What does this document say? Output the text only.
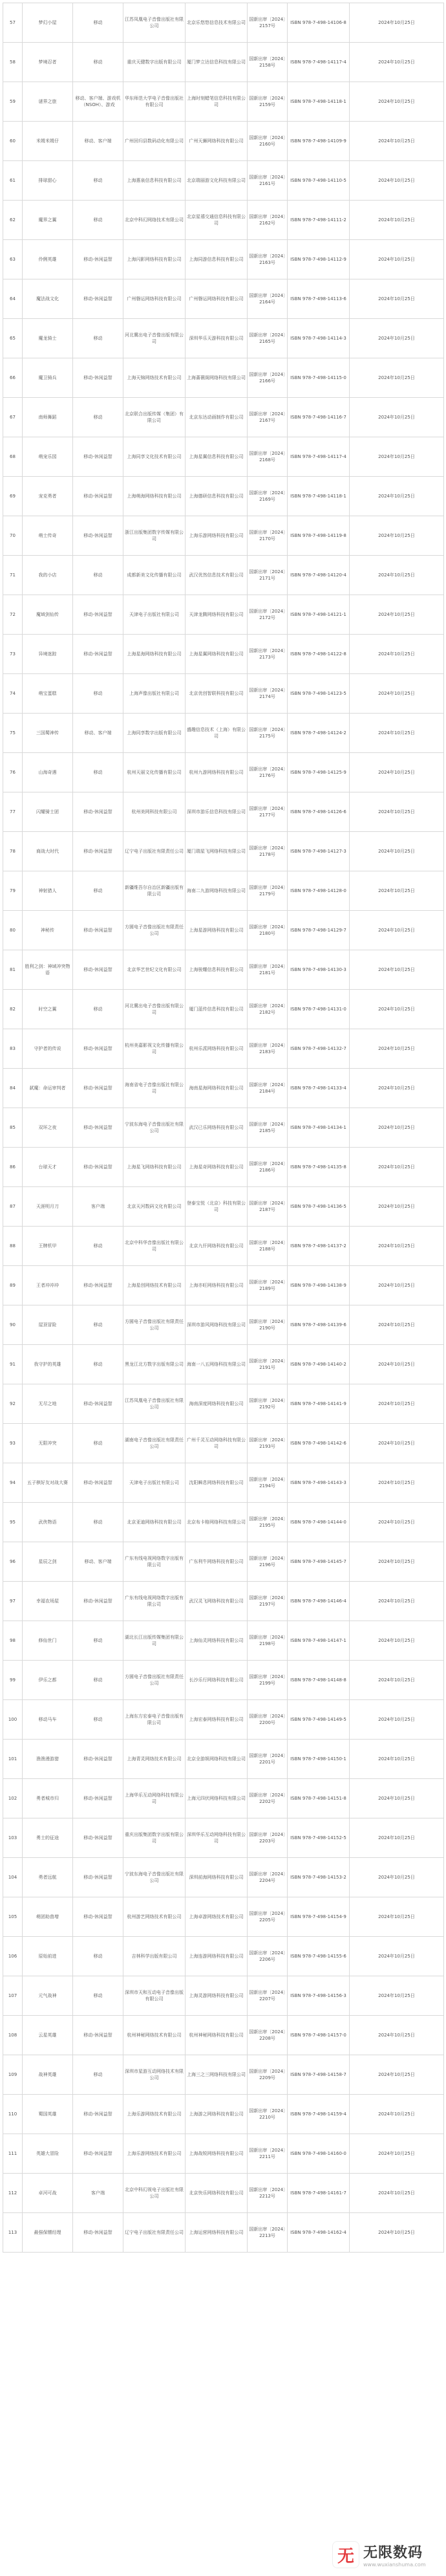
57	梦幻小屋	移动	江苏凤凰电子音像出版社有限公司	北京乐悠悠信息技术有限公司	国新出审〔2024〕2157号	ISBN 978-7-498-14106-8	2024年10月25日
58	梦境忍者	移动	重庆天健数字出版有限公司	厦门梦立达信息科技有限公司	国新出审〔2024〕2158号	ISBN 978-7-498-14117-4	2024年10月25日
59	谜界之旅	移动、客户端、游戏机（NSOH）、游戏	华东师范大学电子音像出版社有限公司	上海时刻蜡笔信息科技有限公司	国新出审〔2024〕2159号	ISBN 978-7-498-14118-1	2024年10月25日
60	米姆米姆仔	移动、客户端	广州回归县数码动化有限公司	广州天狮网络科技有限公司	国新出审〔2024〕2160号	ISBN 978-7-498-14109-9	2024年10月25日
61	排球甜心	移动	上海惠泉信息科技有限公司	北京瑞丽游文化科技有限公司	国新出审〔2024〕2161号	ISBN 978-7-498-14110-5	2024年10月25日
62	魔界之翼	移动	北京中科幻网络技术有限公司	北京星禧交通信息科技有限公司	国新出审〔2024〕2162号	ISBN 978-7-498-14111-2	2024年10月25日
63	伶俐英雄	移动-休闲益智	上海闪影网络科技有限公司	上海同游信息科技有限公司	国新出审〔2024〕2163号	ISBN 978-7-498-14112-9	2024年10月25日
64	魔法战文化	移动-休闲益智	广州磐运网络科技有限公司	广州磐运网络科技有限公司	国新出审〔2024〕2164号	ISBN 978-7-498-14113-6	2024年10月25日
65	魔龙骑士	移动	河北冀出电子音像出版有限公司	深圳华乐天游科技有限公司	国新出审〔2024〕2165号	ISBN 978-7-498-14114-3	2024年10月25日
66	魔卫骑兵	移动-休闲益智	上海天锦网络技术有限公司	上海蔷薇阁网络科技有限公司	国新出审〔2024〕2166号	ISBN 978-7-498-14115-0	2024年10月25日
67	南师舞蹈	移动	北京联合出版传媒（集团）有限公司	北京东达动画制作有限公司	国新出审〔2024〕2167号	ISBN 978-7-498-14116-7	2024年10月25日
68	萌宠乐园	移动-休闲益智	上海同享文化技术有限公司	上海星翼信息科技有限公司	国新出审〔2024〕2168号	ISBN 978-7-498-14117-4	2024年10月25日
69	宠克勇者	移动-休闲益智	上海萌海网络科技有限公司	上海德研信息科技有限公司	国新出审〔2024〕2169号	ISBN 978-7-498-14118-1	2024年10月25日
70	萌士传奇	移动-休闲益智	浙江出版集团数字传媒有限公司	上海乐游网络科技有限公司	国新出审〔2024〕2170号	ISBN 978-7-498-14119-8	2024年10月25日
71	我的小店	移动	成都新美文化传播有限公司	武汉优然信息技术有限公司	国新出审〔2024〕2171号	ISBN 978-7-498-14120-4	2024年10月25日
72	魔域剑仙传	移动-休闲益智	天津电子出版社有限公司	天津龙腾网络科技有限公司	国新出审〔2024〕2172号	ISBN 978-7-498-14121-1	2024年10月25日
73	异境迷踪	移动-休闲益智	上海星海网络科技有限公司	上海星翼网络科技有限公司	国新出审〔2024〕2173号	ISBN 978-7-498-14122-8	2024年10月25日
74	萌宝蛋糕	移动	上海声像出版社有限公司	北京优创智联科技有限公司	国新出审〔2024〕2174号	ISBN 978-7-498-14123-5	2024年10月25日
75	三国蜀神传	移动、客户端	上海同享数字出版有限公司	盛趣信息技术（上海）有限公司	国新出审〔2024〕2175号	ISBN 978-7-498-14124-2	2024年10月25日
76	山海奇遇	移动	杭州天丽文化传播有限公司	杭州九游网络科技有限公司	国新出审〔2024〕2176号	ISBN 978-7-498-14125-9	2024年10月25日
77	闪耀骑士团	移动-休闲益智	杭州美网科技有限公司	深圳市游乐信息科技有限公司	国新出审〔2024〕2177号	ISBN 978-7-498-14126-6	2024年10月25日
78	商战大时代	移动-休闲益智	辽宁电子出版社有限责任公司	厦门瑞星飞网络科技有限公司	国新出审〔2024〕2178号	ISBN 978-7-498-14127-3	2024年10月25日
79	神射猎人	移动	新疆维吾尔自治区新疆出版有限公司	海南二九游网络科技有限公司	国新出审〔2024〕2179号	ISBN 978-7-498-14128-0	2024年10月25日
80	神秘传	移动-休闲益智	方圆电子音像出版社有限责任公司	上海星游网络科技有限公司	国新出审〔2024〕2180号	ISBN 978-7-498-14129-7	2024年10月25日
81	胜利之剑：神域冲突物语	移动-休闲益智	北京华艺世纪文化有限公司	上海骏耀信息科技有限公司	国新出审〔2024〕2181号	ISBN 978-7-498-14130-3	2024年10月25日
82	时空之翼	移动	河北冀出电子音像出版有限公司	厦门蓝传信息科技有限公司	国新出审〔2024〕2182号	ISBN 978-7-498-14131-0	2024年10月25日
83	守护者的传说	移动-休闲益智	杭州美嘉影视文化传播有限公司	杭州乐派网络科技有限公司	国新出审〔2024〕2183号	ISBN 978-7-498-14132-7	2024年10月25日
84	弑魔：命运审判者	移动-休闲益智	海南省电子音像出版社有限公司	海南星海网络科技有限公司	国新出审〔2024〕2184号	ISBN 978-7-498-14133-4	2024年10月25日
85	双环之夜	移动-休闲益智	宁波东海电子音像出版社有限公司	武汉已乐网络科技有限公司	国新出审〔2024〕2185号	ISBN 978-7-498-14134-1	2024年10月25日
86	台球天才	移动-休闲益智	上海星飞网络科技有限公司	上海星奇网络科技有限公司	国新出审〔2024〕2186号	ISBN 978-7-498-14135-8	2024年10月25日
87	天涯明月刀	客户端	北京天河数码文化有限公司	登泰宝悦（北京）科技有限公司	国新出审〔2024〕2187号	ISBN 978-7-498-14136-5	2024年10月25日
88	王牌机甲	移动	北京中科华音像出版社有限公司	北京九仟网络科技有限公司	国新出审〔2024〕2188号	ISBN 978-7-498-14137-2	2024年10月25日
89	王者冲冲冲	移动-休闲益智	上海星创网络技术有限公司	上海亦旺网络科技有限公司	国新出审〔2024〕2189号	ISBN 978-7-498-14138-9	2024年10月25日
90	屋顶冒险	移动	方圆电子音像出版社有限责任公司	深圳市游风网络科技有限公司	国新出审〔2024〕2190号	ISBN 978-7-498-14139-6	2024年10月25日
91	我守护的英雄	移动	黑龙江北方数字出版有限公司	海南一八五网络科技有限公司	国新出审〔2024〕2191号	ISBN 978-7-498-14140-2	2024年10月25日
92	无尽之地	移动-休闲益智	江苏凤凰电子音像出版社有限公司	海南深度网络科技有限公司	国新出审〔2024〕2192号	ISBN 978-7-498-14141-9	2024年10月25日
93	无限冲突	移动	湖南电子音像出版社有限责任公司	广州千灵互动网络科技有限公司	国新出审〔2024〕2193号	ISBN 978-7-498-14142-6	2024年10月25日
94	五子棋好友对战大赛	移动-休闲益智	天津电子出版社有限公司	沈阳瞬息网络科技有限公司	国新出审〔2024〕2194号	ISBN 978-7-498-14143-3	2024年10月25日
95	武侠物语	移动	北京亚迪网络科技有限公司	北京布卡格网络科技有限公司	国新出审〔2024〕2195号	ISBN 978-7-498-14144-0	2024年10月25日
96	星辰之剑	移动、客户端	广东有线电视网络数字出版有限公司	广东利牛网络科技有限公司	国新出审〔2024〕2196号	ISBN 978-7-498-14145-7	2024年10月25日
97	幸福农场屋	移动-休闲益智	广东有线电视网络数字出版有限公司	武汉灵飞网络科技有限公司	国新出审〔2024〕2197号	ISBN 978-7-498-14146-4	2024年10月25日
98	修仙世门	移动	湖北长江出版传媒集团有限公司	上海仙灵网络科技有限公司	国新出审〔2024〕2198号	ISBN 978-7-498-14147-1	2024年10月25日
99	伊乐之都	移动	方圆电子音像出版社有限责任公司	长沙乐行网络科技有限公司	国新出审〔2024〕2199号	ISBN 978-7-498-14148-8	2024年10月25日
100	移动马车	移动	上海东方宏泰电子音像出版有限公司	上海宏泰网络科技有限公司	国新出审〔2024〕2200号	ISBN 978-7-498-14149-5	2024年10月25日
101	渔渔漫游猎	移动-休闲益智	上海青灵网络技术有限公司	北京全游娱网络科技有限公司	国新出审〔2024〕2201号	ISBN 978-7-498-14150-1	2024年10月25日
102	勇者城市归	移动-休闲益智	上海华乐互动网络科技有限公司	上海元四伏网络科技有限公司	国新出审〔2024〕2202号	ISBN 978-7-498-14151-8	2024年10月25日
103	勇士的征途	移动-休闲益智	重庆出版集团数字出版有限公司	深圳华乐互动网络科技有限公司	国新出审〔2024〕2203号	ISBN 978-7-498-14152-5	2024年10月25日
104	勇者远航	移动-休闲益智	宁波东海电子音像出版社有限公司	深圳前海网络科技有限公司	国新出审〔2024〕2204号	ISBN 978-7-498-14153-2	2024年10月25日
105	萌团助兽增	移动-休闲益智	杭州游艺网络技术有限公司	上海卓游网络技术有限公司	国新出审〔2024〕2205号	ISBN 978-7-498-14154-9	2024年10月25日
106	原始前进	移动	吉林科学出版有限公司	上海连游网络科技有限公司	国新出审〔2024〕2206号	ISBN 978-7-498-14155-6	2024年10月25日
107	元气战神	移动	深圳市天和互动电子音像出版有限公司	上海灵游网络科技有限公司	国新出审〔2024〕2207号	ISBN 978-7-498-14156-3	2024年10月25日
108	云星英雄	移动-休闲益智	杭州神秘网络技术有限公司	杭州神秘网络科技有限公司	国新出审〔2024〕2208号	ISBN 978-7-498-14157-0	2024年10月25日
109	战神英雄	移动	深圳市星游互动网络技术有限公司	上海三之三网络科技有限公司	国新出审〔2024〕2209号	ISBN 978-7-498-14158-7	2024年10月25日
110	蜀国英雄	移动-休闲益智	上海乐游网络技术有限公司	上海游之网络科技有限公司	国新出审〔2024〕2210号	ISBN 978-7-498-14159-4	2024年10月25日
111	英雄大冒险	移动-休闲益智	上海乐游网络技术有限公司	上海战锐网络科技有限公司	国新出审〔2024〕2211号	ISBN 978-7-498-14160-0	2024年10月25日
112	卓河可战	客户端	北京中科幻视电子出版社有限公司	北京快乐网络科技有限公司	国新出审〔2024〕2212号	ISBN 978-7-498-14161-7	2024年10月25日
113	最强保镖经理	移动-休闲益智	辽宁电子出版社有限责任公司	上海运营网络科技有限公司	国新出审〔2024〕2213号	ISBN 978-7-498-14162-4	2024年10月25日
无 无限数码
www.wuxianshuma.com
